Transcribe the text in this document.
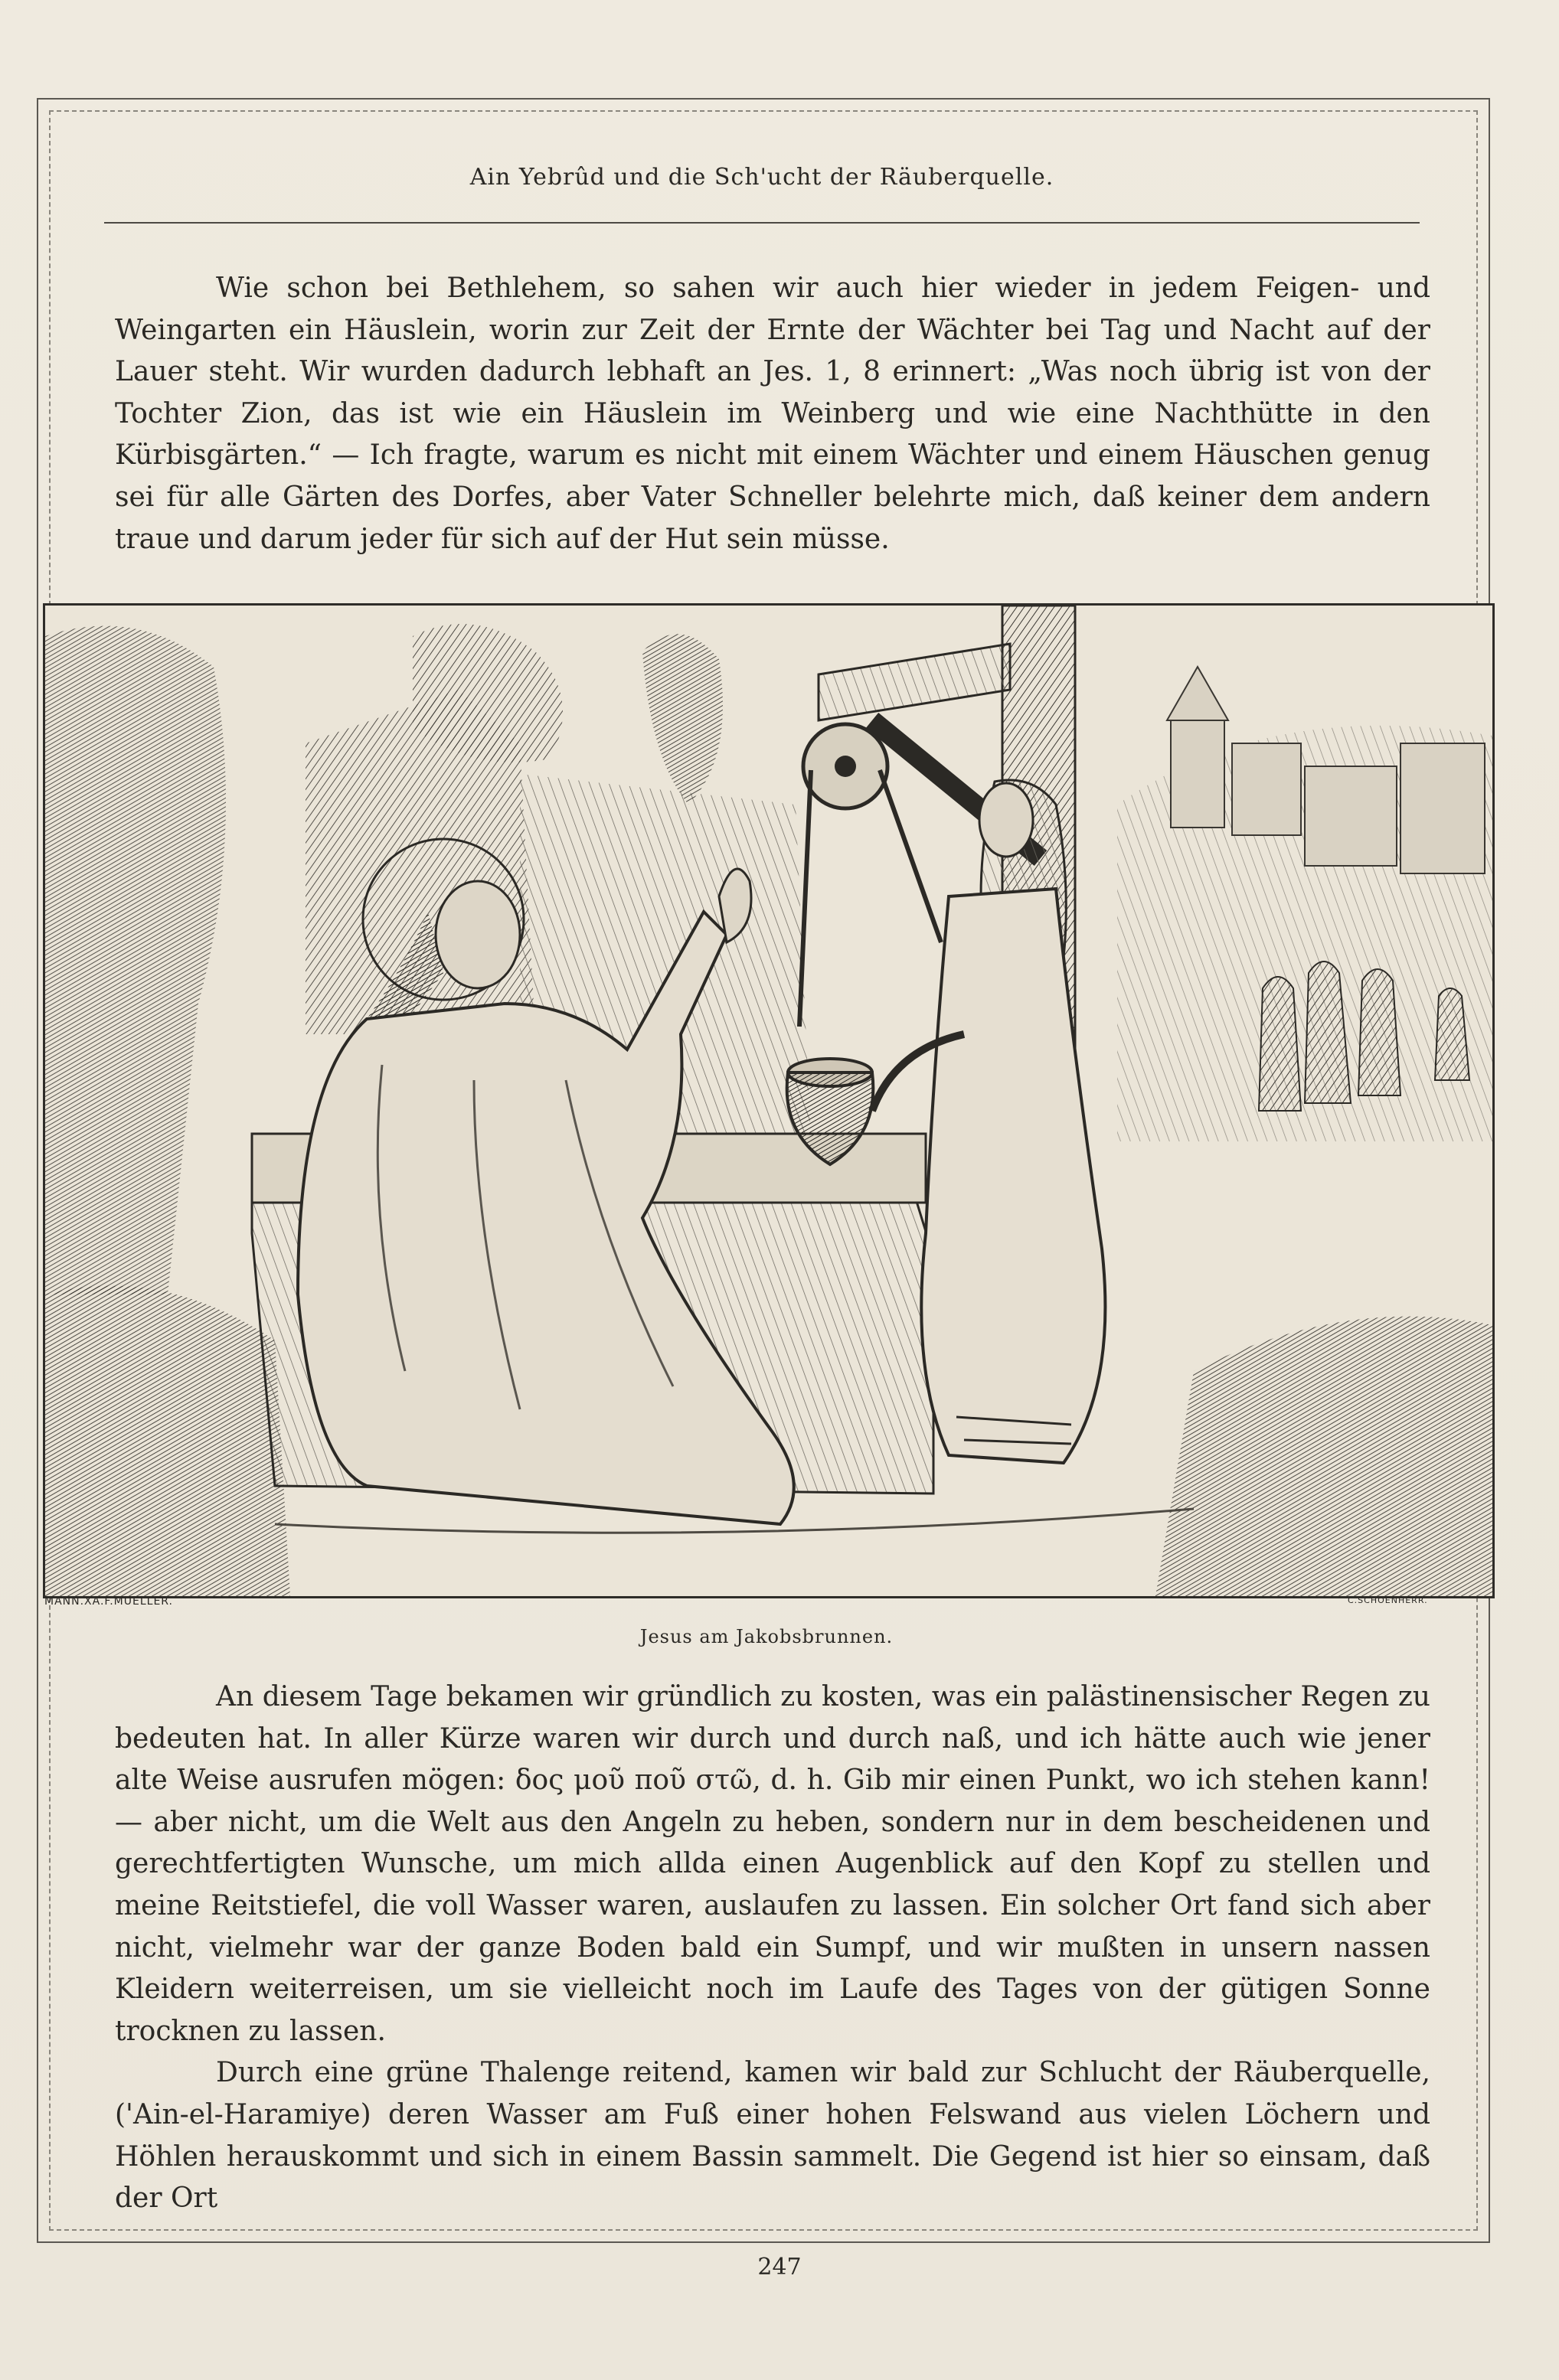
Ain Yebrûd und die Sch'ucht der Räuberquelle.

Wie schon bei Bethlehem, so sahen wir auch hier wieder in jedem Feigen- und Weingarten ein Häuslein, worin zur Zeit der Ernte der Wächter bei Tag und Nacht auf der Lauer steht. Wir wurden dadurch lebhaft an Jes. 1, 8 erinnert: „Was noch übrig ist von der Tochter Zion, das ist wie ein Häuslein im Weinberg und wie eine Nachthütte in den Kürbisgärten.“ — Ich fragte, warum es nicht mit einem Wächter und einem Häuschen genug sei für alle Gärten des Dorfes, aber Vater Schneller belehrte mich, daß keiner dem andern traue und darum jeder für sich auf der Hut sein müsse.

MANN.XA.F.MUELLER.	C.SCHOENHERR.
Jesus am Jakobsbrunnen.

An diesem Tage bekamen wir gründlich zu kosten, was ein palästinensischer Regen zu bedeuten hat. In aller Kürze waren wir durch und durch naß, und ich hätte auch wie jener alte Weise ausrufen mögen: δος μοῦ ποῦ στῶ, d. h. Gib mir einen Punkt, wo ich stehen kann! — aber nicht, um die Welt aus den Angeln zu heben, sondern nur in dem bescheidenen und gerechtfertigten Wunsche, um mich allda einen Augenblick auf den Kopf zu stellen und meine Reitstiefel, die voll Wasser waren, auslaufen zu lassen. Ein solcher Ort fand sich aber nicht, vielmehr war der ganze Boden bald ein Sumpf, und wir mußten in unsern nassen Kleidern weiterreisen, um sie vielleicht noch im Laufe des Tages von der gütigen Sonne trocknen zu lassen.

Durch eine grüne Thalenge reitend, kamen wir bald zur Schlucht der Räuberquelle, ('Ain-el-Haramiye) deren Wasser am Fuß einer hohen Felswand aus vielen Löchern und Höhlen herauskommt und sich in einem Bassin sammelt. Die Gegend ist hier so einsam, daß der Ort

247
